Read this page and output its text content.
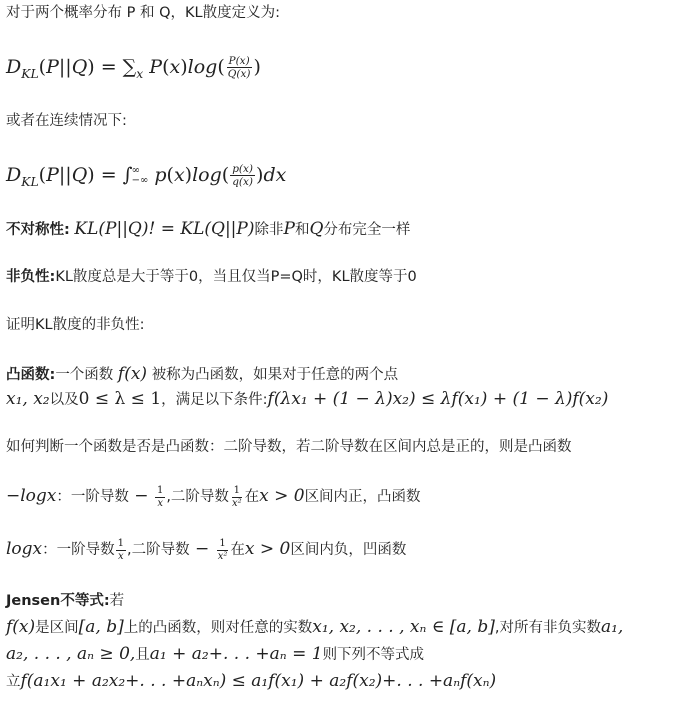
对于两个概率分布 P 和 Q，KL散度定义为:
$D_{KL}(P||Q) = \sum_x$ $P(x)\log( \frac{P(x)}{Q(x)}$ )
或者在连续情况下:
$D_{KL}(P||Q)$ = ∫ ∞
−∞ $p(x)\log( \frac{p(x)}{q(x)} )dx$
不对称性: KL(P||Q)! = KL(Q||P)除非P和Q分布完全一样
非负性:KL散度总是大于等于0，当且仅当P=Q时，KL散度等于0
证明KL散度的非负性:
凸函数:一个函数 f(x) 被称为凸函数，如果对于任意的两个点
x₁, x₂以及0 ≤ λ ≤ 1，满足以下条件:f(λx₁ + (1 − λ)x₂) ≤ λf(x₁) + (1 − λ)f(x₂)
如何判断一个函数是否是凸函数：二阶导数，若二阶导数在区间内总是正的，则是凸函数
−logx：一阶导数 − $\frac{1}{x}$ ,二阶导数 $\frac{1}{\text{x²}}$ 在x > 0区间内正，凸函数
logx：一阶导数 $\frac{1}{x}$ ,二阶导数 − $\frac{1}{\text{x²}}$ 在x > 0区间内负，凹函数
Jensen不等式:若
f(x)是区间[a, b]上的凸函数，则对任意的实数x₁, x₂, . . . , xₙ ∈ [a, b],对所有非负实数a₁,
a₂, . . . , aₙ ≥ 0,且a₁ + a₂+. . . +aₙ = 1则下列不等式成
立f(a₁x₁ + a₂x₂+. . . +aₙxₙ) ≤ a₁f(x₁) + a₂f(x₂)+. . . +aₙf(xₙ)
